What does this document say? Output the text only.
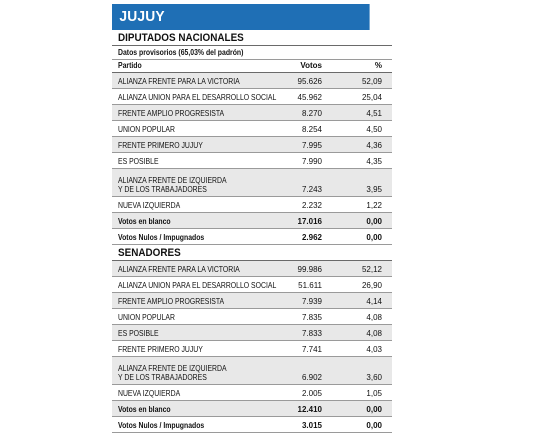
JUJUY
DIPUTADOS NACIONALES
Datos provisorios (65,03% del padrón)
Partido	Votos	%
ALIANZA FRENTE PARA LA VICTORIA	95.626	52,09
ALIANZA UNION PARA EL DESARROLLO SOCIAL	45.962	25,04
FRENTE AMPLIO PROGRESISTA	8.270	4,51
UNION POPULAR	8.254	4,50
FRENTE PRIMERO JUJUY	7.995	4,36
ES POSIBLE	7.990	4,35
ALIANZA FRENTE DE IZQUIERDA
Y DE LOS TRABAJADORES	7.243	3,95
NUEVA IZQUIERDA	2.232	1,22
Votos en blanco	17.016	0,00
Votos Nulos / Impugnados	2.962	0,00
SENADORES
ALIANZA FRENTE PARA LA VICTORIA	99.986	52,12
ALIANZA UNION PARA EL DESARROLLO SOCIAL	51.611	26,90
FRENTE AMPLIO PROGRESISTA	7.939	4,14
UNION POPULAR	7.835	4,08
ES POSIBLE	7.833	4,08
FRENTE PRIMERO JUJUY	7.741	4,03
ALIANZA FRENTE DE IZQUIERDA
Y DE LOS TRABAJADORES	6.902	3,60
NUEVA IZQUIERDA	2.005	1,05
Votos en blanco	12.410	0,00
Votos Nulos / Impugnados	3.015	0,00
